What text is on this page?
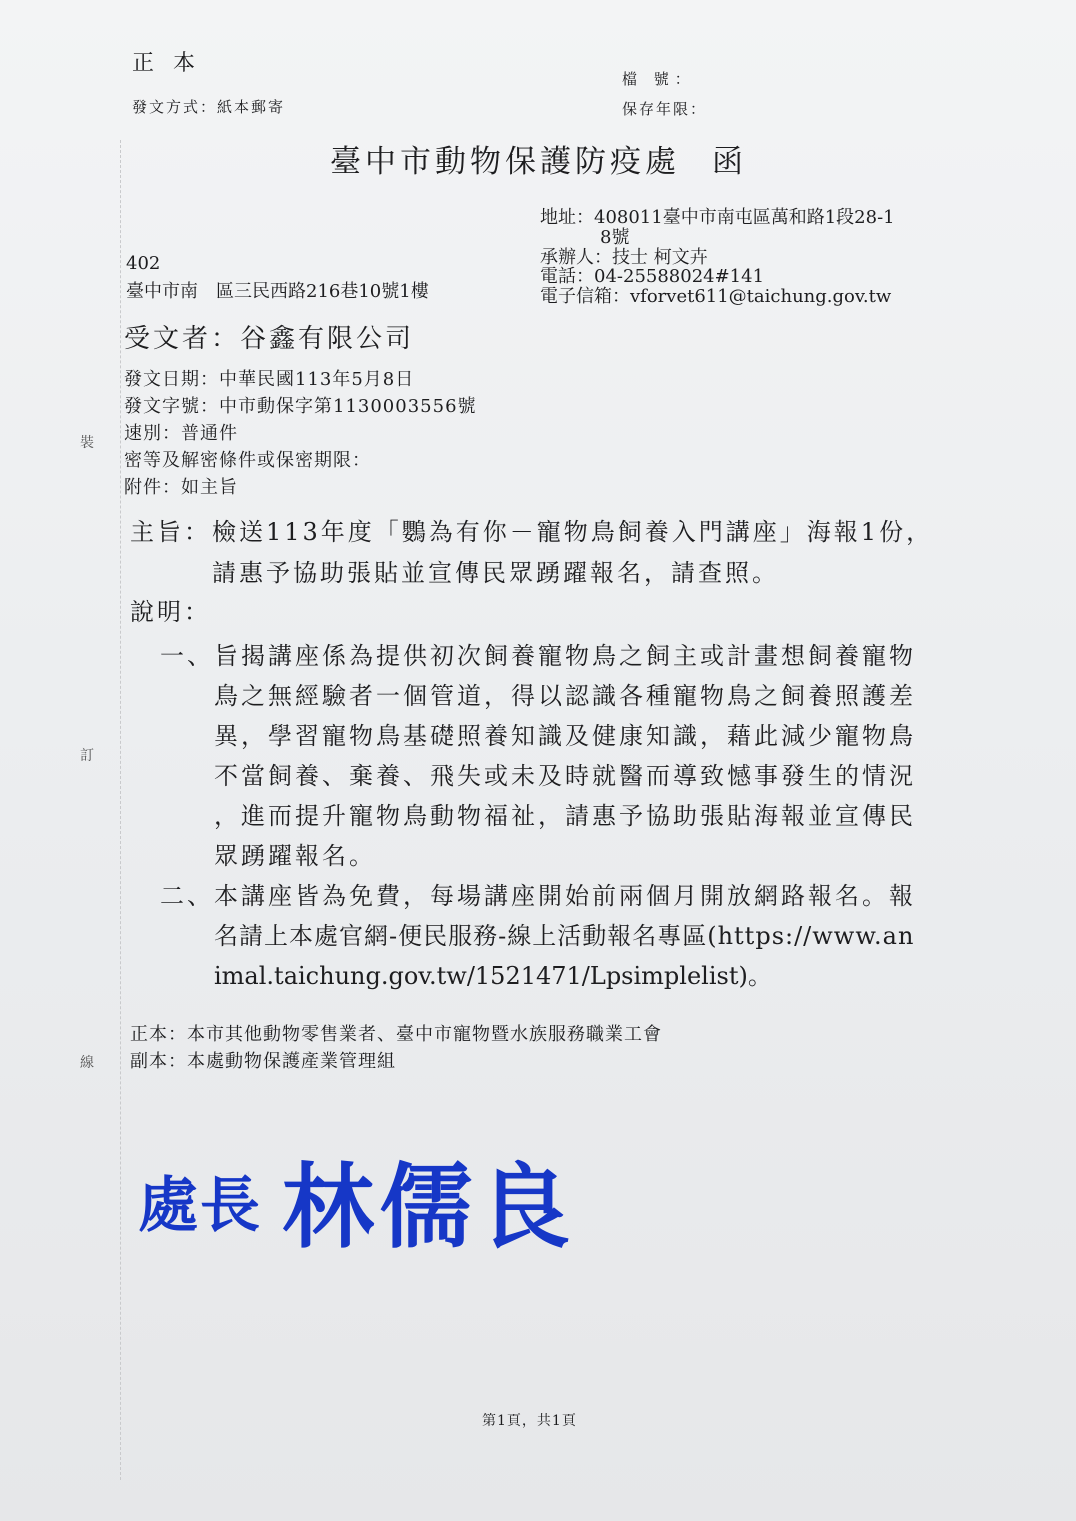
裝
訂
線
正 本
發文方式：紙本郵寄
檔 號：
保存年限：
臺中市動物保護防疫處 函
地址：408011臺中市南屯區萬和路1段28-1
8號
承辦人：技士 柯文卉
電話：04-25588024#141
電子信箱：vforvet611@taichung.gov.tw
402
臺中市南　區三民西路216巷10號1樓
受文者：谷鑫有限公司
發文日期：中華民國113年5月8日
發文字號：中市動保字第1130003556號
速別：普通件
密等及解密條件或保密期限：
附件：如主旨
主旨： 檢送113年度「鸚為有你－寵物鳥飼養入門講座」海報1份，
請惠予協助張貼並宣傳民眾踴躍報名，請查照。
說明：
一、 旨揭講座係為提供初次飼養寵物鳥之飼主或計畫想飼養寵物
鳥之無經驗者一個管道，得以認識各種寵物鳥之飼養照護差
異，學習寵物鳥基礎照養知識及健康知識，藉此減少寵物鳥
不當飼養、棄養、飛失或未及時就醫而導致憾事發生的情況
，進而提升寵物鳥動物福祉，請惠予協助張貼海報並宣傳民
眾踴躍報名。
二、 本講座皆為免費，每場講座開始前兩個月開放網路報名。報
名請上本處官網-便民服務-線上活動報名專區(https://www.an
imal.taichung.gov.tw/1521471/Lpsimplelist)。
正本：本市其他動物零售業者、臺中市寵物暨水族服務職業工會
副本：本處動物保護產業管理組
處長 林儒良
第1頁，共1頁
